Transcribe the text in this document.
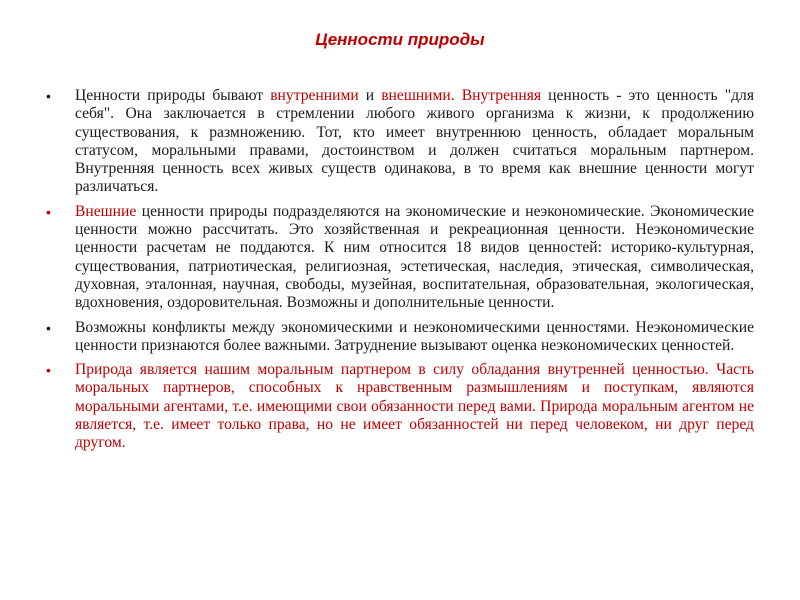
Ценности природы
• Ценности природы бывают внутренними и внешними. Внутренняя ценность - это ценность "для себя". Она заключается в стремлении любого живого организма к жизни, к продолжению существования, к размножению. Тот, кто имеет внутреннюю ценность, обладает моральным статусом, моральными правами, достоинством и должен считаться моральным партнером. Внутренняя ценность всех живых существ одинакова, в то время как внешние ценности могут различаться.
• Внешние ценности природы подразделяются на экономические и неэкономические. Экономические ценности можно рассчитать. Это хозяйственная и рекреационная ценности. Неэкономические ценности расчетам не поддаются. К ним относится 18 видов ценностей: историко-культурная, существования, патриотическая, религиозная, эстетическая, наследия, этическая, символическая, духовная, эталонная, научная, свободы, музейная, воспитательная, образовательная, экологическая, вдохновения, оздоровительная. Возможны и дополнительные ценности.
• Возможны конфликты между экономическими и неэкономическими ценностями. Неэкономические ценности признаются более важными. Затруднение вызывают оценка неэкономических ценностей.
• Природа является нашим моральным партнером в силу обладания внутренней ценностью. Часть моральных партнеров, способных к нравственным размышлениям и поступкам, являются моральными агентами, т.е. имеющими свои обязанности перед вами. Природа моральным агентом не является, т.е. имеет только права, но не имеет обязанностей ни перед человеком, ни друг перед другом.
